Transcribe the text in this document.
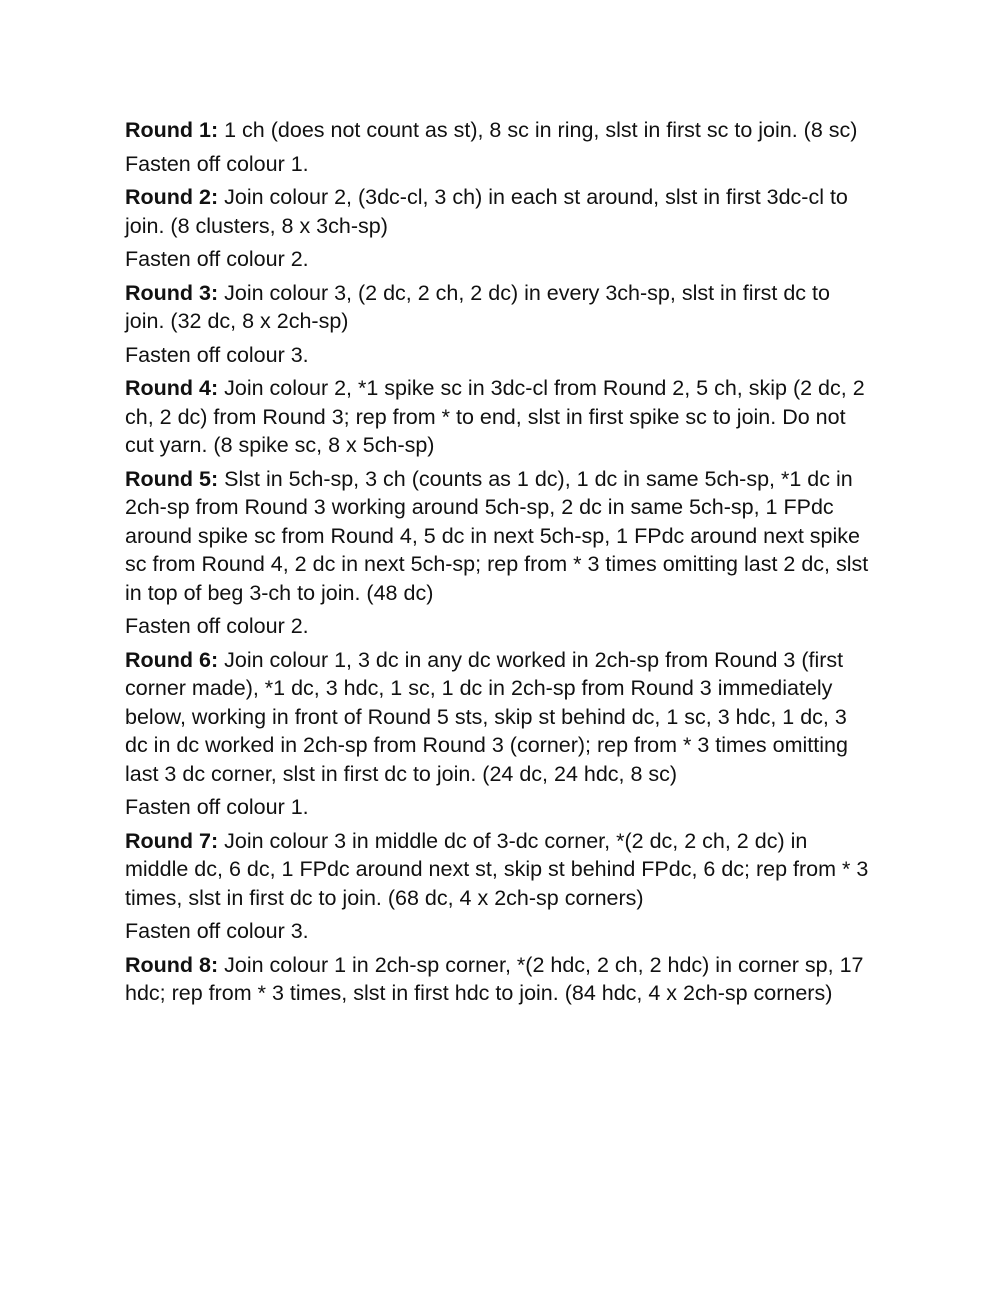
Round 1: 1 ch (does not count as st), 8 sc in ring, slst in first sc to join. (8 sc)

Fasten off colour 1.

Round 2: Join colour 2, (3dc-cl, 3 ch) in each st around, slst in first 3dc-cl to join. (8 clusters, 8 x 3ch-sp)

Fasten off colour 2.

Round 3: Join colour 3, (2 dc, 2 ch, 2 dc) in every 3ch-sp, slst in first dc to join. (32 dc, 8 x 2ch-sp)

Fasten off colour 3.

Round 4: Join colour 2, *1 spike sc in 3dc-cl from Round 2, 5 ch, skip (2 dc, 2 ch, 2 dc) from Round 3; rep from * to end, slst in first spike sc to join. Do not cut yarn. (8 spike sc, 8 x 5ch-sp)

Round 5: Slst in 5ch-sp, 3 ch (counts as 1 dc), 1 dc in same 5ch-sp, *1 dc in 2ch-sp from Round 3 working around 5ch-sp, 2 dc in same 5ch-sp, 1 FPdc around spike sc from Round 4, 5 dc in next 5ch-sp, 1 FPdc around next spike sc from Round 4, 2 dc in next 5ch-sp; rep from * 3 times omitting last 2 dc, slst in top of beg 3-ch to join. (48 dc)

Fasten off colour 2.

Round 6: Join colour 1, 3 dc in any dc worked in 2ch-sp from Round 3 (first corner made), *1 dc, 3 hdc, 1 sc, 1 dc in 2ch-sp from Round 3 immediately below, working in front of Round 5 sts, skip st behind dc, 1 sc, 3 hdc, 1 dc, 3 dc in dc worked in 2ch-sp from Round 3 (corner); rep from * 3 times omitting last 3 dc corner, slst in first dc to join. (24 dc, 24 hdc, 8 sc)

Fasten off colour 1.

Round 7: Join colour 3 in middle dc of 3-dc corner, *(2 dc, 2 ch, 2 dc) in middle dc, 6 dc, 1 FPdc around next st, skip st behind FPdc, 6 dc; rep from * 3 times, slst in first dc to join. (68 dc, 4 x 2ch-sp corners)

Fasten off colour 3.

Round 8: Join colour 1 in 2ch-sp corner, *(2 hdc, 2 ch, 2 hdc) in corner sp, 17 hdc; rep from * 3 times, slst in first hdc to join. (84 hdc, 4 x 2ch-sp corners)
